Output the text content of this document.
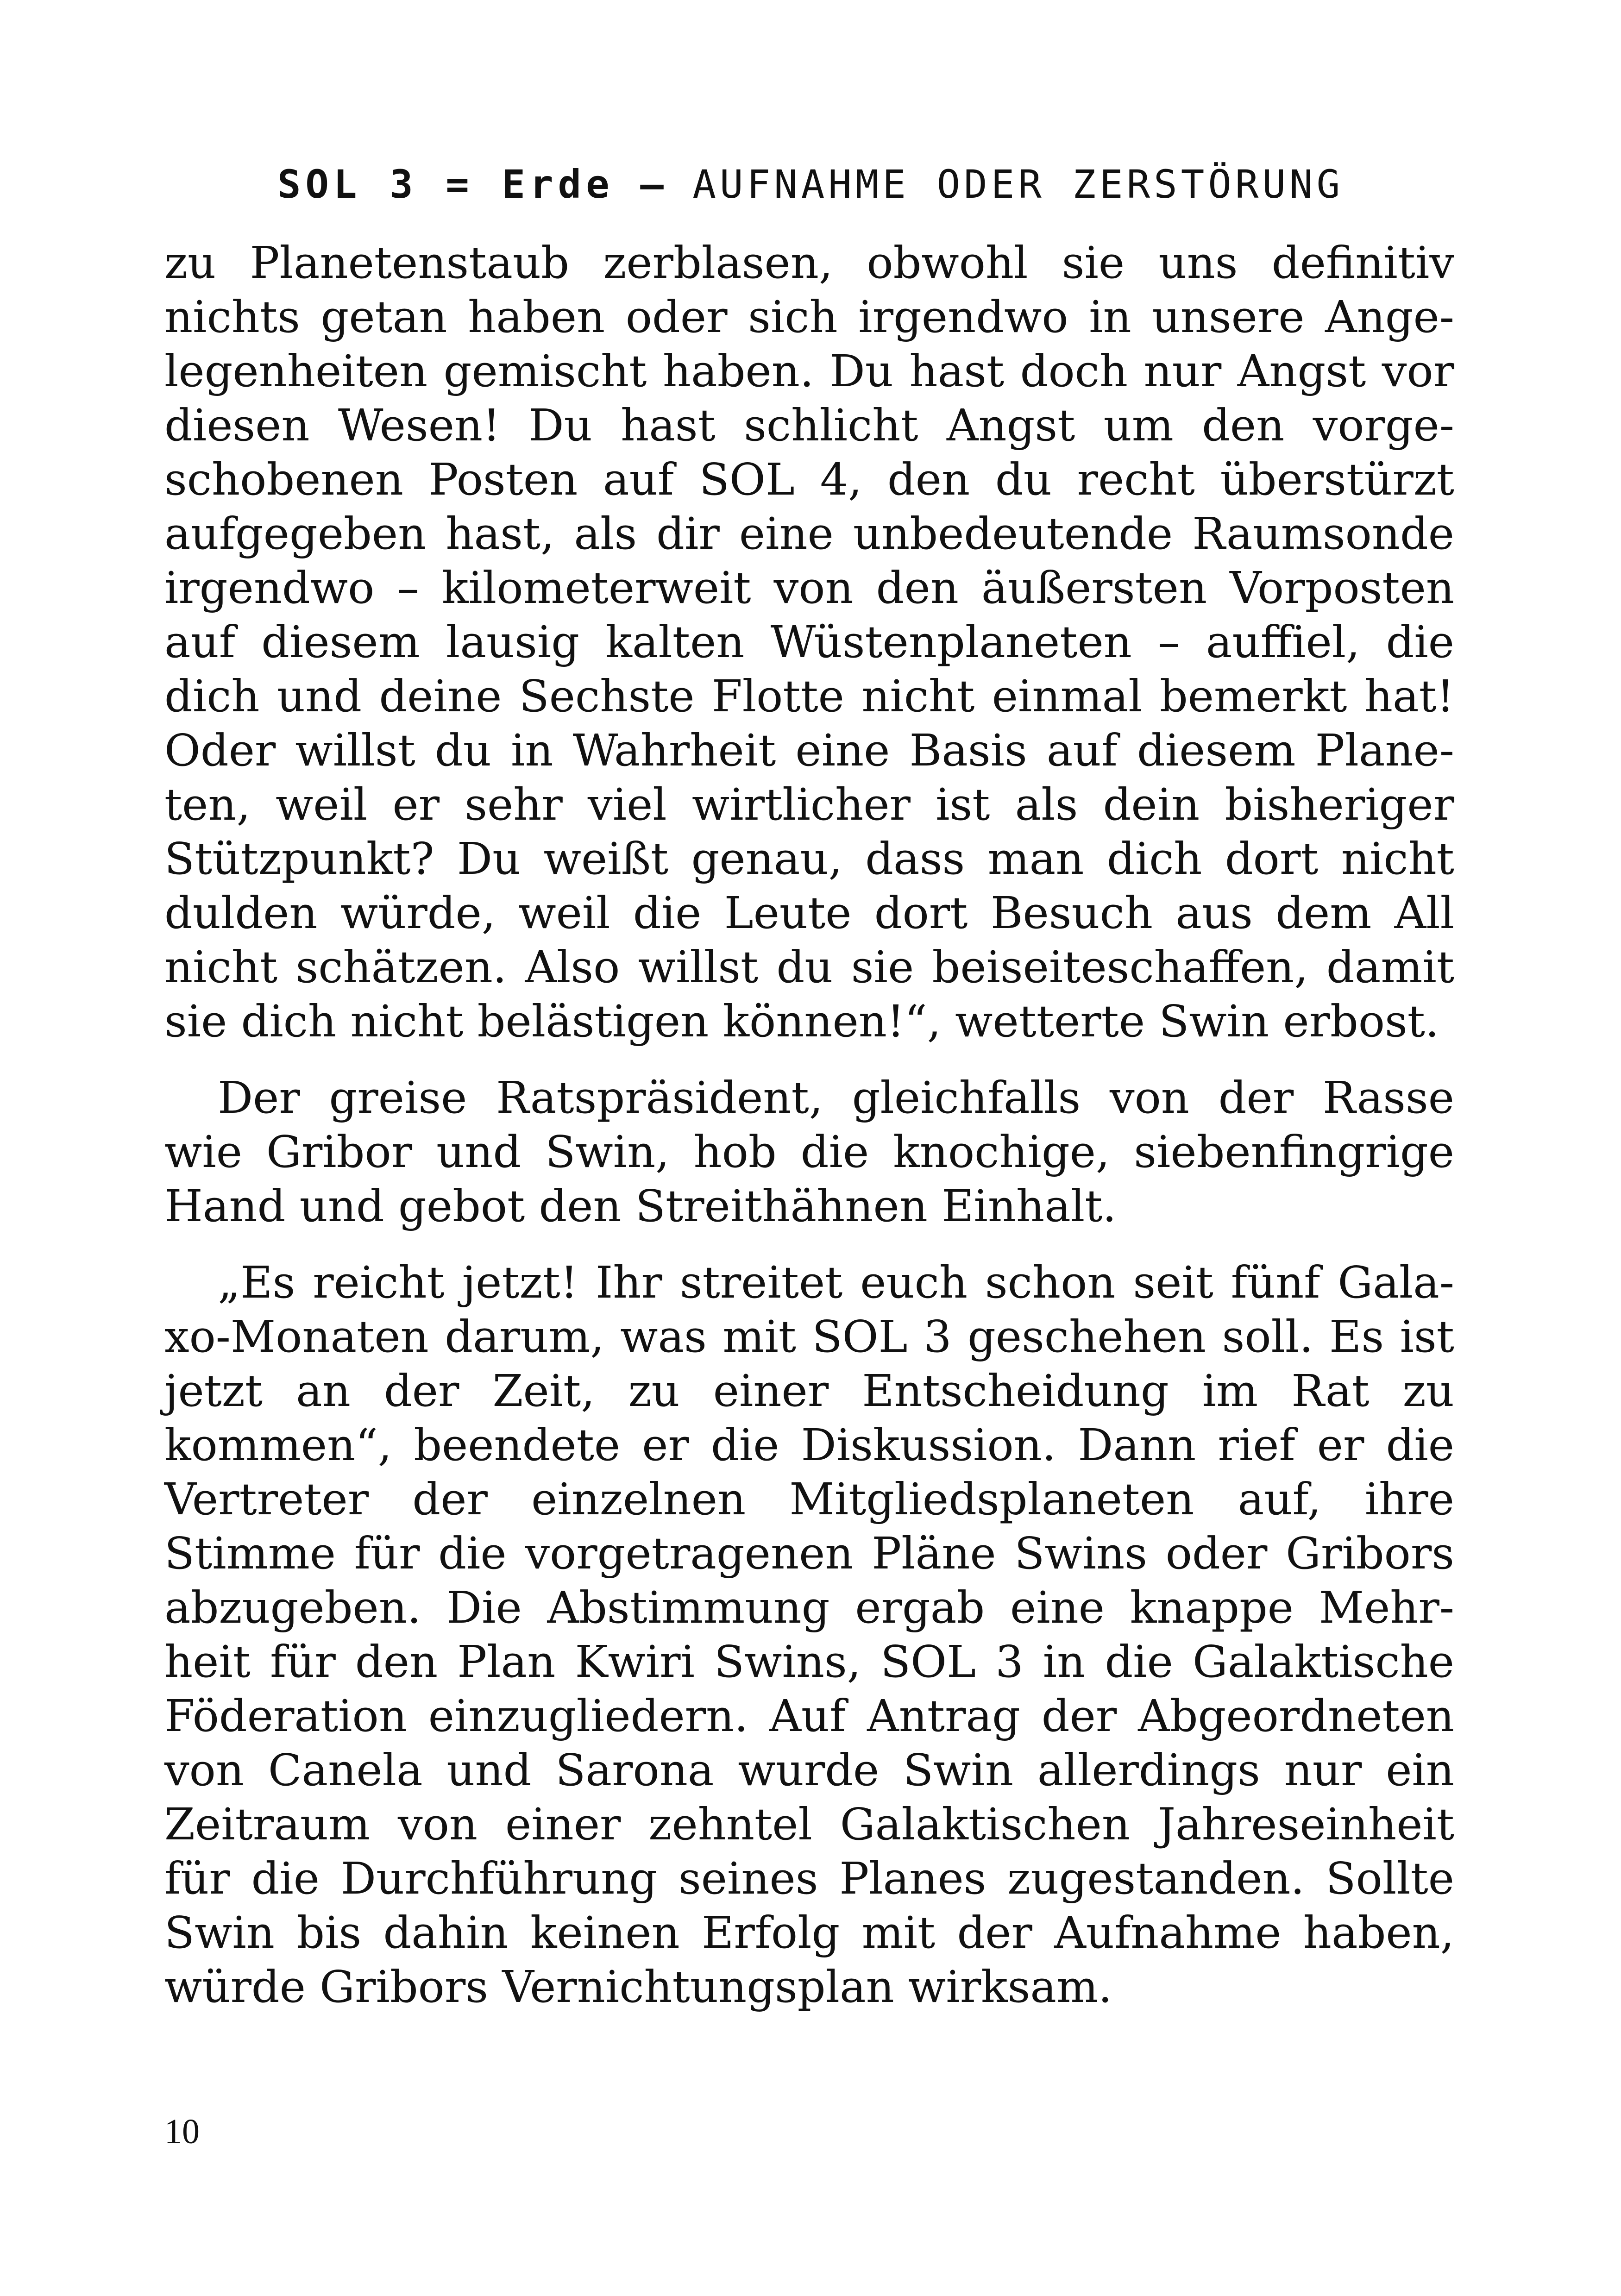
SOL 3 = Erde – AUFNAHME ODER ZERSTÖRUNG

zu Planetenstaub zerblasen, obwohl sie uns definitiv nichts getan haben oder sich irgendwo in unsere Angelegenheiten gemischt haben. Du hast doch nur Angst vor diesen Wesen! Du hast schlicht Angst um den vorgeschobenen Posten auf SOL 4, den du recht überstürzt aufgegeben hast, als dir eine unbedeutende Raumsonde irgendwo – kilometerweit von den äußersten Vorposten auf diesem lausig kalten Wüstenplaneten – auffiel, die dich und deine Sechste Flotte nicht einmal bemerkt hat! Oder willst du in Wahrheit eine Basis auf diesem Planeten, weil er sehr viel wirtlicher ist als dein bisheriger Stützpunkt? Du weißt genau, dass man dich dort nicht dulden würde, weil die Leute dort Besuch aus dem All nicht schätzen. Also willst du sie beiseiteschaffen, damit sie dich nicht belästigen können!“, wetterte Swin erbost.

Der greise Ratspräsident, gleichfalls von der Rasse wie Gribor und Swin, hob die knochige, siebenfingrige Hand und gebot den Streithähnen Einhalt.

„Es reicht jetzt! Ihr streitet euch schon seit fünf Galaxo-Monaten darum, was mit SOL 3 geschehen soll. Es ist jetzt an der Zeit, zu einer Entscheidung im Rat zu kommen“, beendete er die Diskussion. Dann rief er die Vertreter der einzelnen Mitgliedsplaneten auf, ihre Stimme für die vorgetragenen Pläne Swins oder Gribors abzugeben. Die Abstimmung ergab eine knappe Mehrheit für den Plan Kwiri Swins, SOL 3 in die Galaktische Föderation einzugliedern. Auf Antrag der Abgeordneten von Canela und Sarona wurde Swin allerdings nur ein Zeitraum von einer zehntel Galaktischen Jahreseinheit für die Durchführung seines Planes zugestanden. Sollte Swin bis dahin keinen Erfolg mit der Aufnahme haben, würde Gribors Vernichtungsplan wirksam.

10
